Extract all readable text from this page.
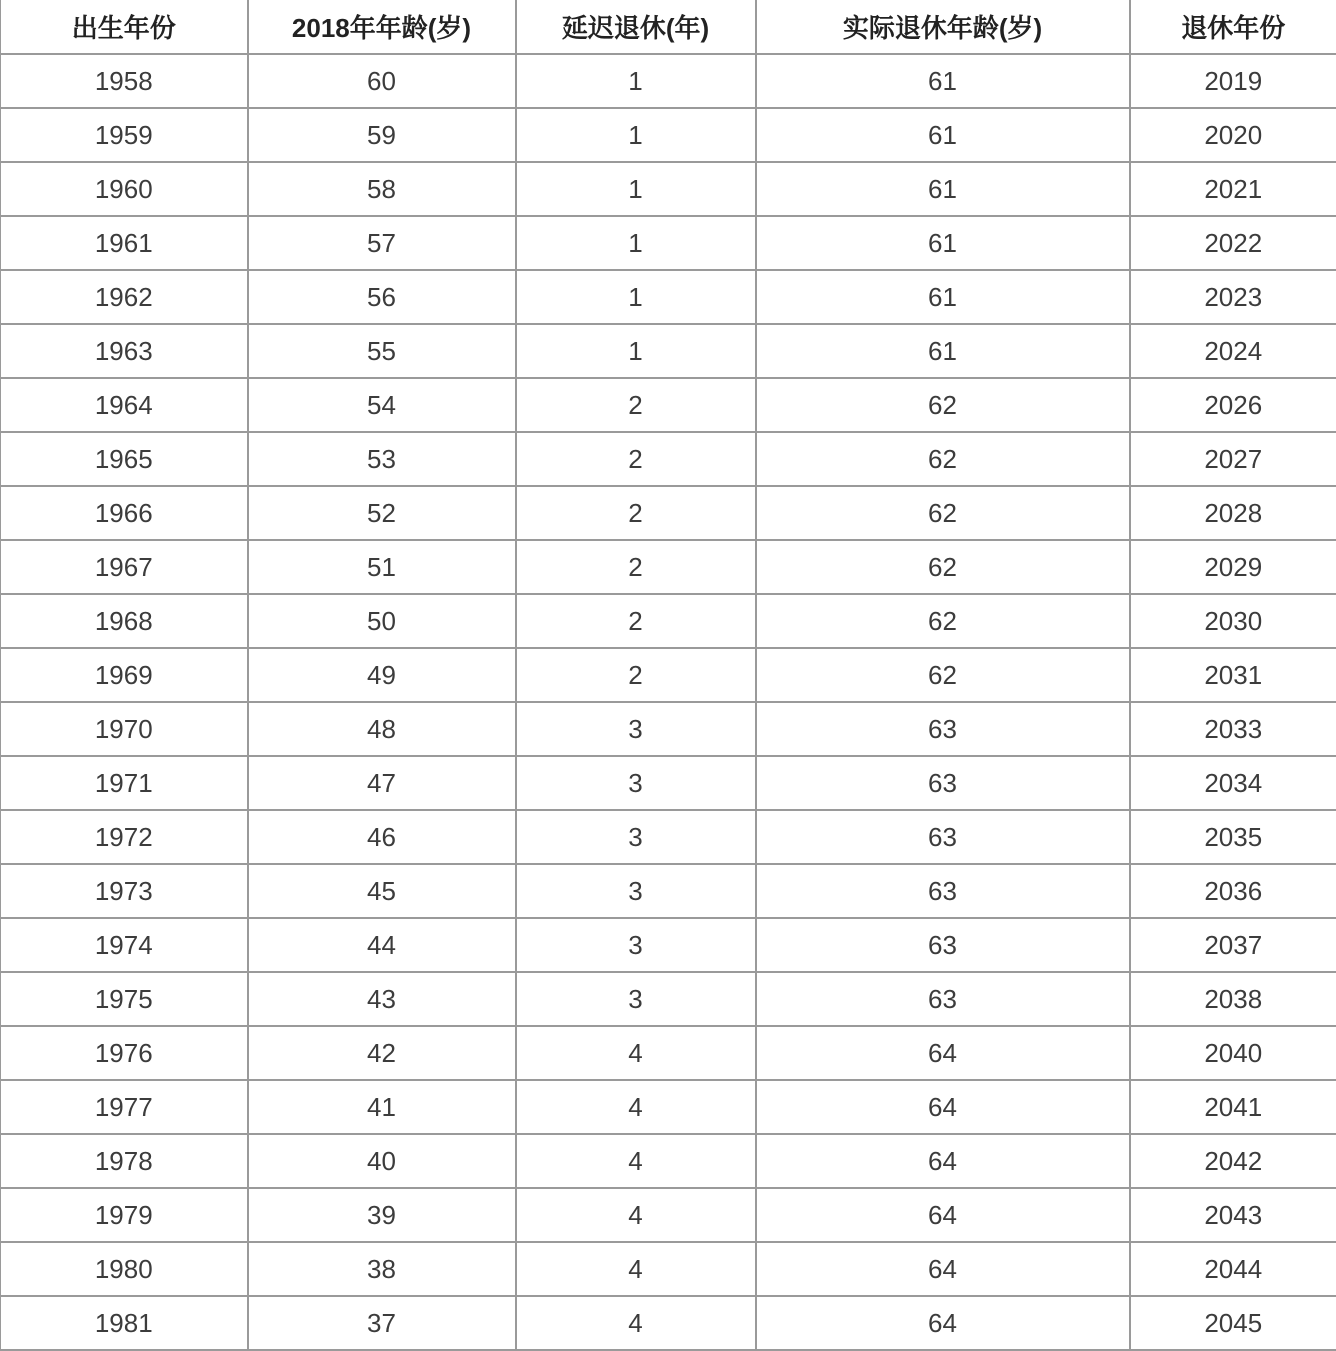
出生年份	2018年年龄(岁)	延迟退休(年)	实际退休年龄(岁)	退休年份
1958	60	1	61	2019
1959	59	1	61	2020
1960	58	1	61	2021
1961	57	1	61	2022
1962	56	1	61	2023
1963	55	1	61	2024
1964	54	2	62	2026
1965	53	2	62	2027
1966	52	2	62	2028
1967	51	2	62	2029
1968	50	2	62	2030
1969	49	2	62	2031
1970	48	3	63	2033
1971	47	3	63	2034
1972	46	3	63	2035
1973	45	3	63	2036
1974	44	3	63	2037
1975	43	3	63	2038
1976	42	4	64	2040
1977	41	4	64	2041
1978	40	4	64	2042
1979	39	4	64	2043
1980	38	4	64	2044
1981	37	4	64	2045
